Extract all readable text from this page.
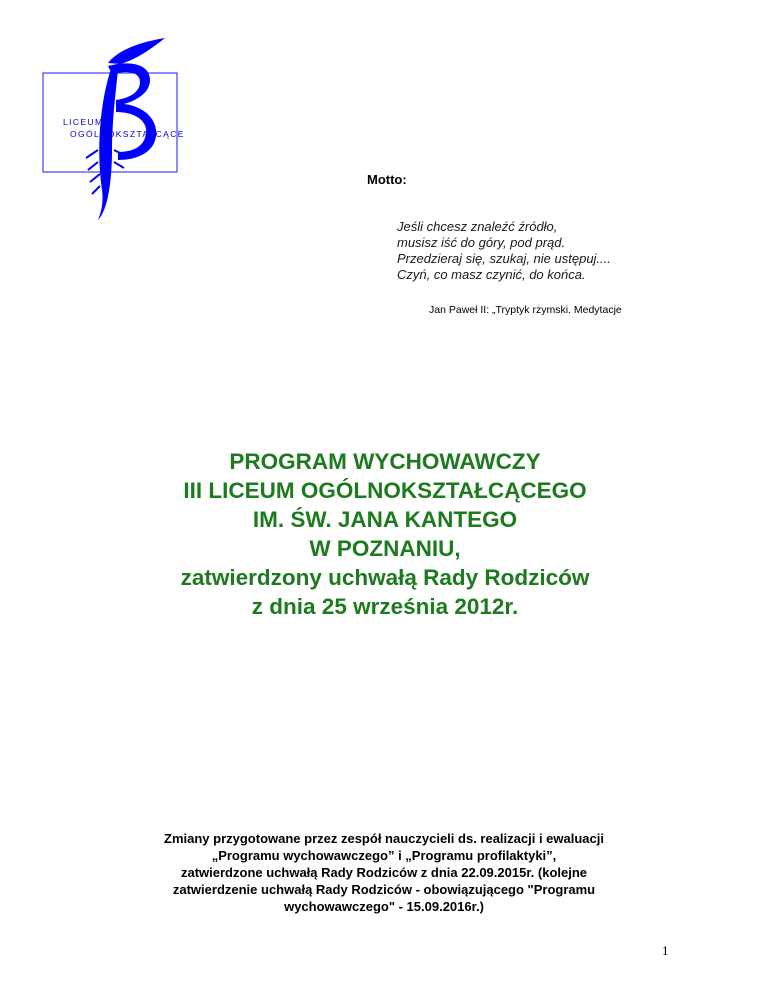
LICEUM
OGÓLNOKSZTAŁCĄCE
Motto:
Jeśli chcesz znaleźć źródło,
musisz iść do góry, pod prąd.
Przedzieraj się, szukaj, nie ustępuj....
Czyń, co masz czynić, do końca.
Jan Paweł II: „Tryptyk rzymski. Medytacje
PROGRAM WYCHOWAWCZY
III LICEUM OGÓLNOKSZTAŁCĄCEGO
IM. ŚW. JANA KANTEGO
W POZNANIU,
zatwierdzony uchwałą Rady Rodziców
z dnia 25 września 2012r.
Zmiany przygotowane przez zespół nauczycieli ds. realizacji i ewaluacji
„Programu wychowawczego” i „Programu profilaktyki”,
zatwierdzone uchwałą Rady Rodziców z dnia 22.09.2015r. (kolejne
zatwierdzenie uchwałą Rady Rodziców - obowiązującego "Programu
wychowawczego" - 15.09.2016r.)
1
